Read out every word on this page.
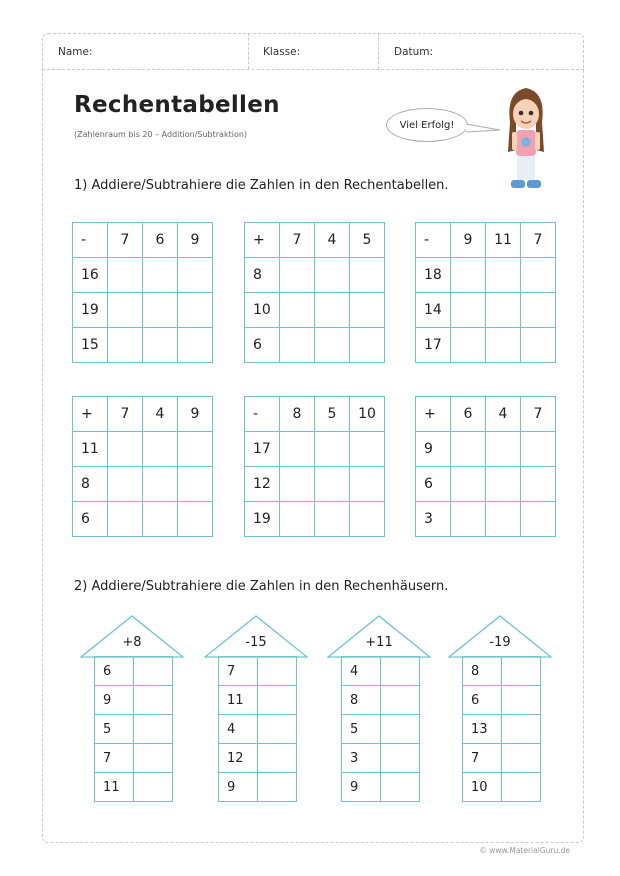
Name:	Klasse:	Datum:
Rechentabellen
(Zahlenraum bis 20 – Addition/Subtraktion)
Viel Erfolg!
1) Addiere/Subtrahiere die Zahlen in den Rechentabellen.
-	7	6	9
16			
19			
15			
+	7	4	5
8			
10			
6			
-	9	11	7
18			
14			
17			
+	7	4	9
11			
8			
6			
-	8	5	10
17			
12			
19			
+	6	4	7
9			
6			
3			
2) Addiere/Subtrahiere die Zahlen in den Rechenhäusern.
+8
6	
9	
5	
7	
11	
-15
7	
11	
4	
12	
9	
+11
4	
8	
5	
3	
9	
-19
8	
6	
13	
7	
10	
© www.MaterialGuru.de
